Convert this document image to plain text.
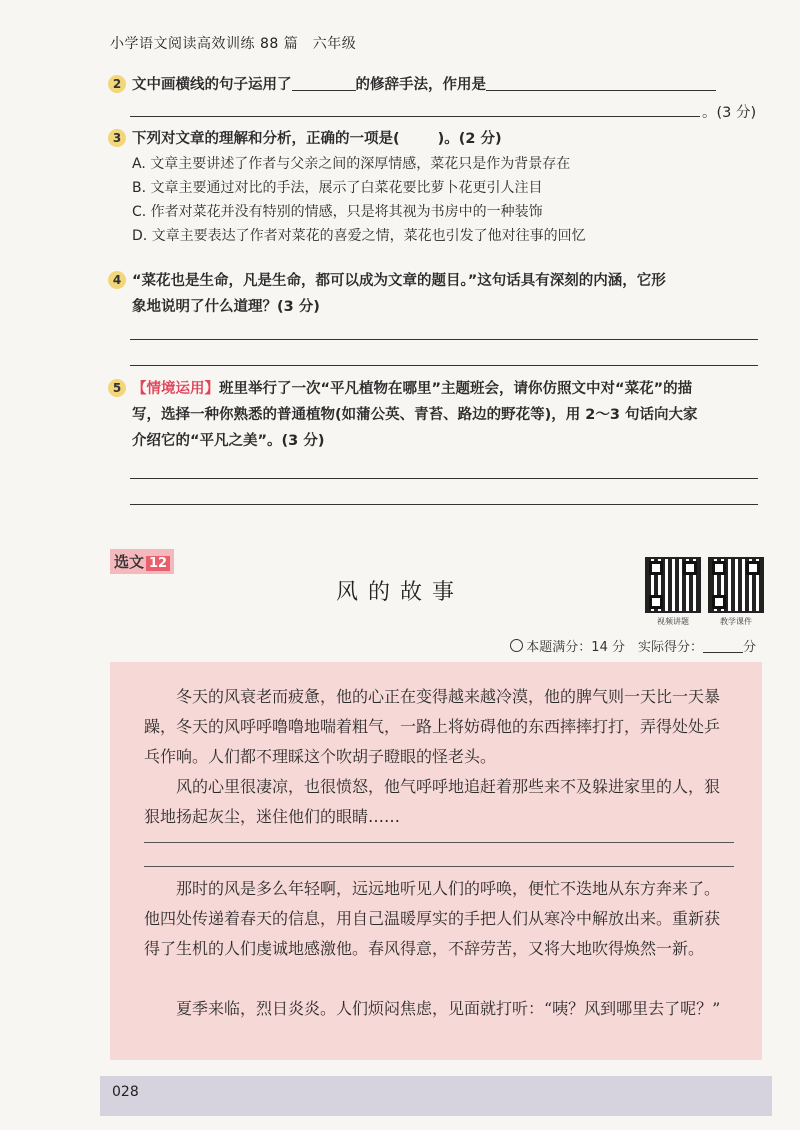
小学语文阅读高效训练 88 篇　六年级
2 文中画横线的句子运用了	的修辞手法，作用是
。(3 分)
3 下列对文章的理解和分析，正确的一项是(	)。(2 分)
A. 文章主要讲述了作者与父亲之间的深厚情感，菜花只是作为背景存在
B. 文章主要通过对比的手法，展示了白菜花要比萝卜花更引人注目
C. 作者对菜花并没有特别的情感，只是将其视为书房中的一种装饰
D. 文章主要表达了作者对菜花的喜爱之情，菜花也引发了他对往事的回忆
4 “菜花也是生命，凡是生命，都可以成为文章的题目。”这句话具有深刻的内涵，它形
象地说明了什么道理？(3 分)
5 【情境运用】班里举行了一次“平凡植物在哪里”主题班会，请你仿照文中对“菜花”的描
写，选择一种你熟悉的普通植物(如蒲公英、青苔、路边的野花等)，用 2～3 句话向大家
介绍它的“平凡之美”。(3 分)
选文 12
风的故事
视频讲题	教学课件
本题满分：14 分　实际得分：	分

冬天的风衰老而疲惫，他的心正在变得越来越冷漠，他的脾气则一天比一天暴躁，冬天的风呼呼噜噜地喘着粗气，一路上将妨碍他的东西摔摔打打，弄得处处乒乓作响。人们都不理睬这个吹胡子瞪眼的怪老头。

风的心里很凄凉，也很愤怒，他气呼呼地追赶着那些来不及躲进家里的人，狠狠地扬起灰尘，迷住他们的眼睛……

那时的风是多么年轻啊，远远地听见人们的呼唤，便忙不迭地从东方奔来了。他四处传递着春天的信息，用自己温暖厚实的手把人们从寒冷中解放出来。重新获得了生机的人们虔诚地感激他。春风得意，不辞劳苦，又将大地吹得焕然一新。

夏季来临，烈日炎炎。人们烦闷焦虑，见面就打听：“咦？风到哪里去了呢？”

028
